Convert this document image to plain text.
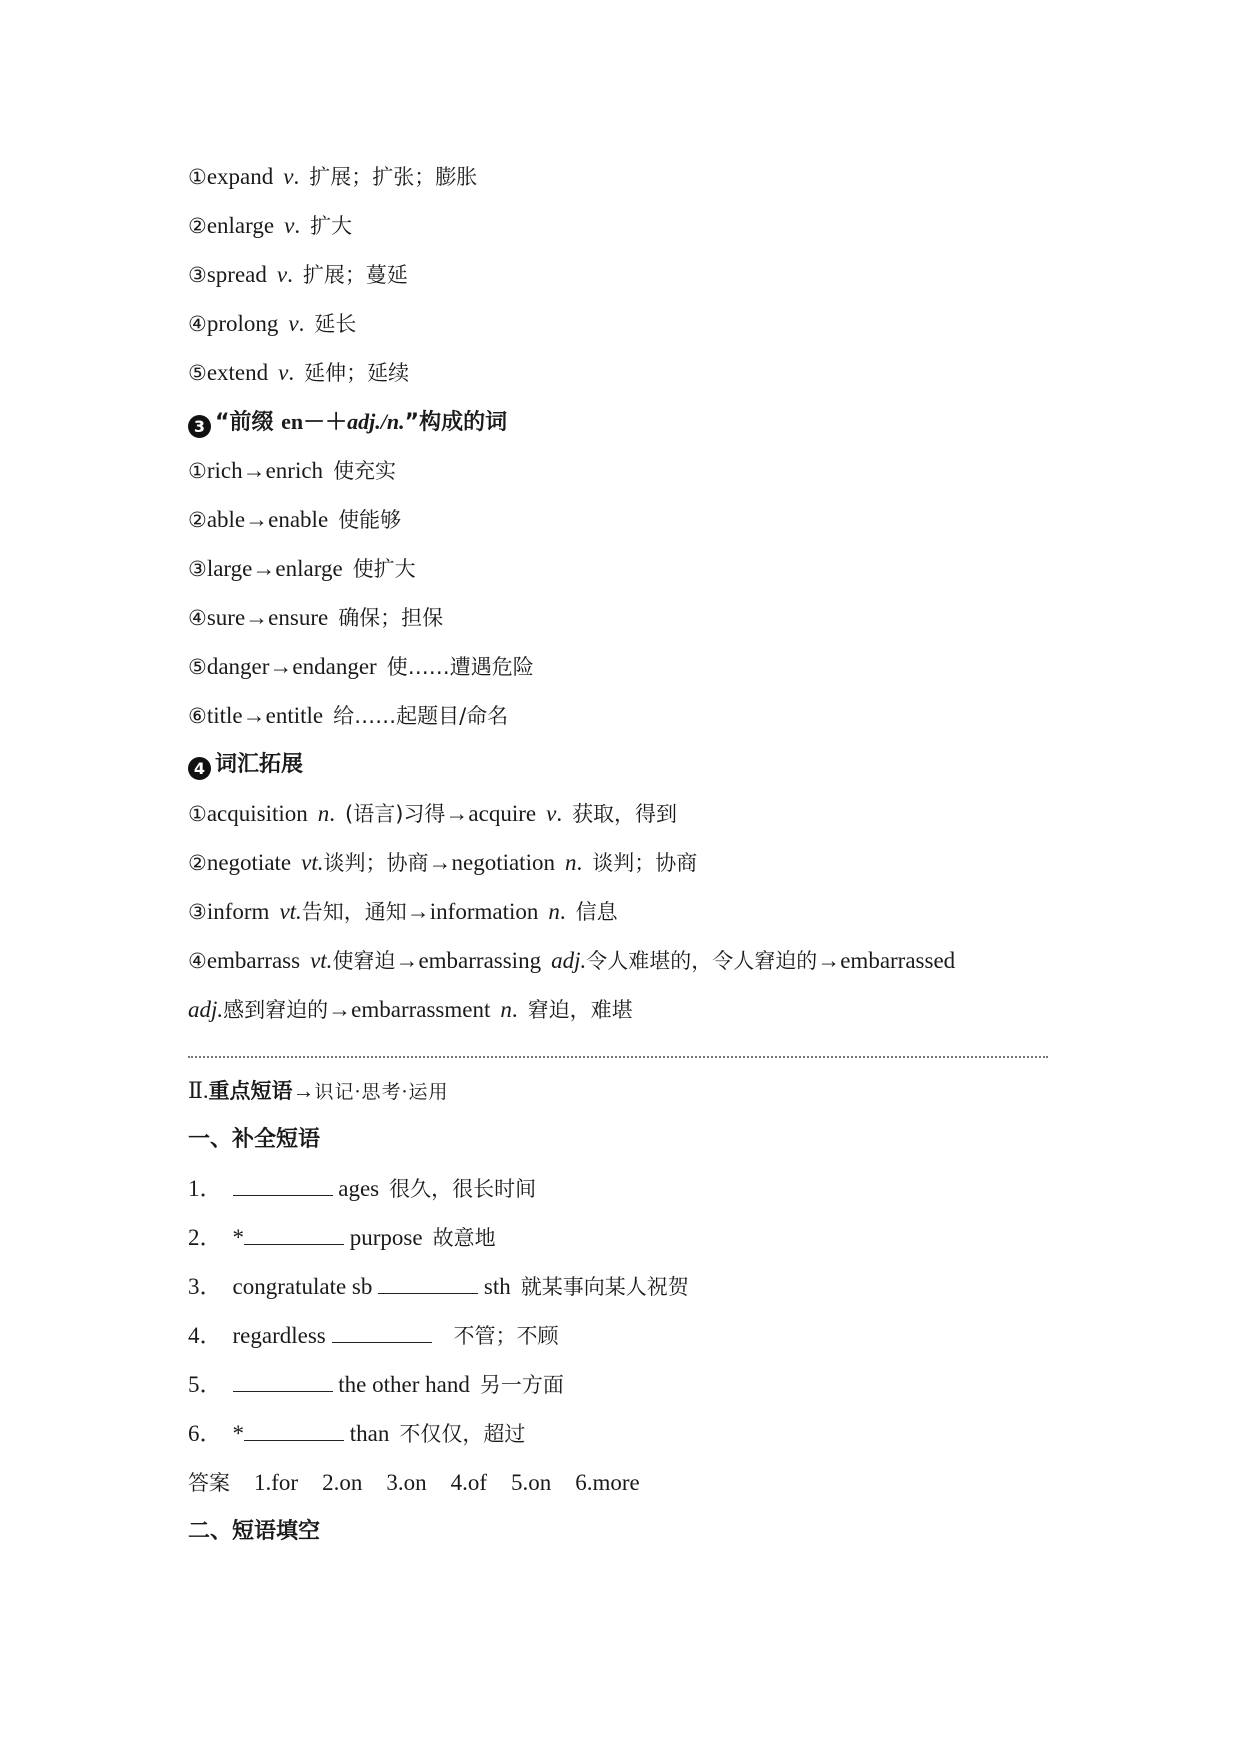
①expand v. 扩展；扩张；膨胀
②enlarge v. 扩大
③spread v. 扩展；蔓延
④prolong v. 延长
⑤extend v. 延伸；延续
3 “前缀 en－＋adj./n.”构成的词
①rich→enrich 使充实
②able→enable 使能够
③large→enlarge 使扩大
④sure→ensure 确保；担保
⑤danger→endanger 使……遭遇危险
⑥title→entitle 给……起题目/命名
4 词汇拓展
①acquisition n. (语言)习得→acquire v. 获取，得到
②negotiate vt.谈判；协商→negotiation n. 谈判；协商
③inform vt.告知，通知→information n. 信息
④embarrass vt.使窘迫→embarrassing adj.令人难堪的，令人窘迫的→embarrassed
adj.感到窘迫的→embarrassment n. 窘迫，难堪
Ⅱ.重点短语→识记·思考·运用
一、补全短语
1．	ages 很久，很长时间
2． *	purpose 故意地
3． congratulate sb	sth 就某事向某人祝贺
4． regardless	不管；不顾
5．	the other hand 另一方面
6． *	than 不仅仅，超过
答案 1.for 2.on 3.on 4.of 5.on 6.more
二、短语填空
